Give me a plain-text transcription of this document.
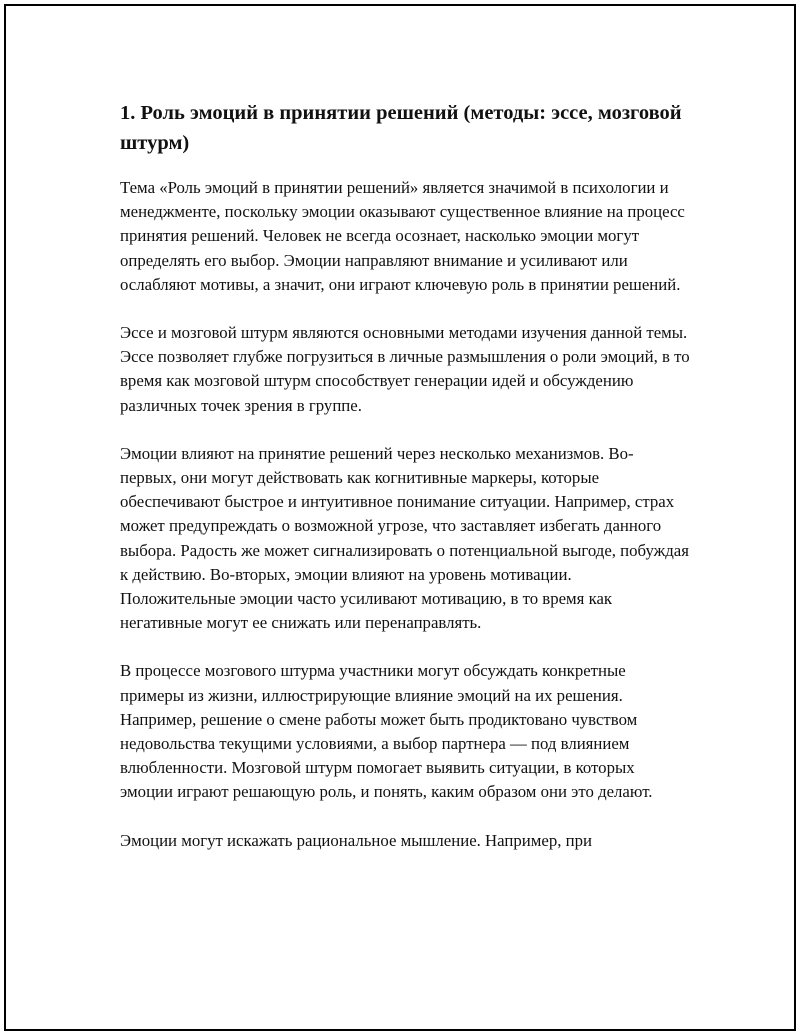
1. Роль эмоций в принятии решений (методы: эссе, мозговой штурм)

Тема «Роль эмоций в принятии решений» является значимой в психологии и менеджменте, поскольку эмоции оказывают существенное влияние на процесс принятия решений. Человек не всегда осознает, насколько эмоции могут определять его выбор. Эмоции направляют внимание и усиливают или ослабляют мотивы, а значит, они играют ключевую роль в принятии решений.

Эссе и мозговой штурм являются основными методами изучения данной темы. Эссе позволяет глубже погрузиться в личные размышления о роли эмоций, в то время как мозговой штурм способствует генерации идей и обсуждению различных точек зрения в группе.

Эмоции влияют на принятие решений через несколько механизмов. Во-первых, они могут действовать как когнитивные маркеры, которые обеспечивают быстрое и интуитивное понимание ситуации. Например, страх может предупреждать о возможной угрозе, что заставляет избегать данного выбора. Радость же может сигнализировать о потенциальной выгоде, побуждая к действию. Во-вторых, эмоции влияют на уровень мотивации. Положительные эмоции часто усиливают мотивацию, в то время как негативные могут ее снижать или перенаправлять.

В процессе мозгового штурма участники могут обсуждать конкретные примеры из жизни, иллюстрирующие влияние эмоций на их решения. Например, решение о смене работы может быть продиктовано чувством недовольства текущими условиями, а выбор партнера — под влиянием влюбленности. Мозговой штурм помогает выявить ситуации, в которых эмоции играют решающую роль, и понять, каким образом они это делают.

Эмоции могут искажать рациональное мышление. Например, при
